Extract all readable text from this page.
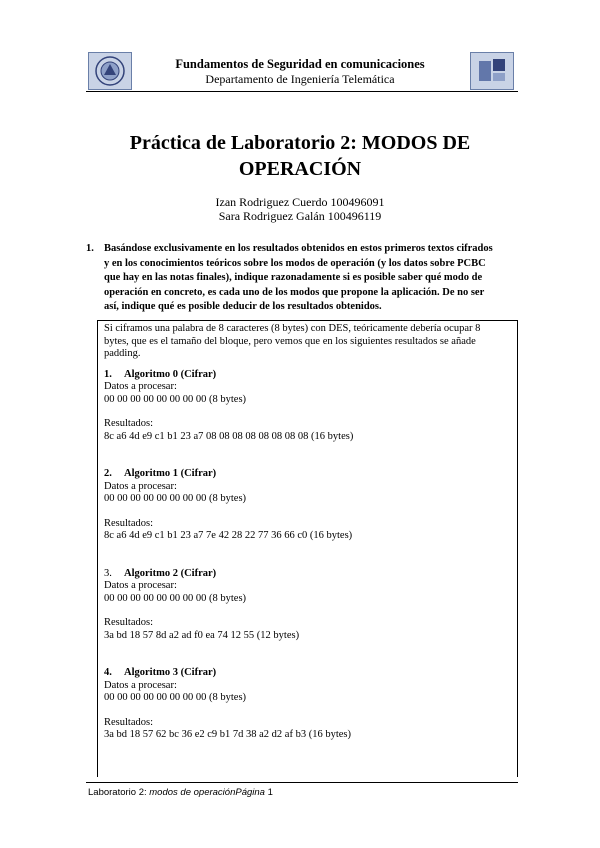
Fundamentos de Seguridad en comunicaciones
Departamento de Ingeniería Telemática
Práctica de Laboratorio 2: MODOS DE
OPERACIÓN
Izan Rodriguez Cuerdo 100496091
Sara Rodriguez Galán 100496119
1. Basándose exclusivamente en los resultados obtenidos en estos primeros textos cifrados
y en los conocimientos teóricos sobre los modos de operación (y los datos sobre PCBC
que hay en las notas finales), indique razonadamente si es posible saber qué modo de
operación en concreto, es cada uno de los modos que propone la aplicación. De no ser
así, indique qué es posible deducir de los resultados obtenidos.
Si ciframos una palabra de 8 caracteres (8 bytes) con DES, teóricamente debería ocupar 8
bytes, que es el tamaño del bloque, pero vemos que en los siguientes resultados se añade
padding.
1. Algoritmo 0 (Cifrar)
Datos a procesar:
00 00 00 00 00 00 00 00 (8 bytes)
Resultados:
8c a6 4d e9 c1 b1 23 a7 08 08 08 08 08 08 08 08 (16 bytes)
2. Algoritmo 1 (Cifrar)
Datos a procesar:
00 00 00 00 00 00 00 00 (8 bytes)
Resultados:
8c a6 4d e9 c1 b1 23 a7 7e 42 28 22 77 36 66 c0 (16 bytes)
3. Algoritmo 2 (Cifrar)
Datos a procesar:
00 00 00 00 00 00 00 00 (8 bytes)
Resultados:
3a bd 18 57 8d a2 ad f0 ea 74 12 55 (12 bytes)
4. Algoritmo 3 (Cifrar)
Datos a procesar:
00 00 00 00 00 00 00 00 (8 bytes)
Resultados:
3a bd 18 57 62 bc 36 e2 c9 b1 7d 38 a2 d2 af b3 (16 bytes)
Laboratorio 2: modos de operaciónPágina 1
